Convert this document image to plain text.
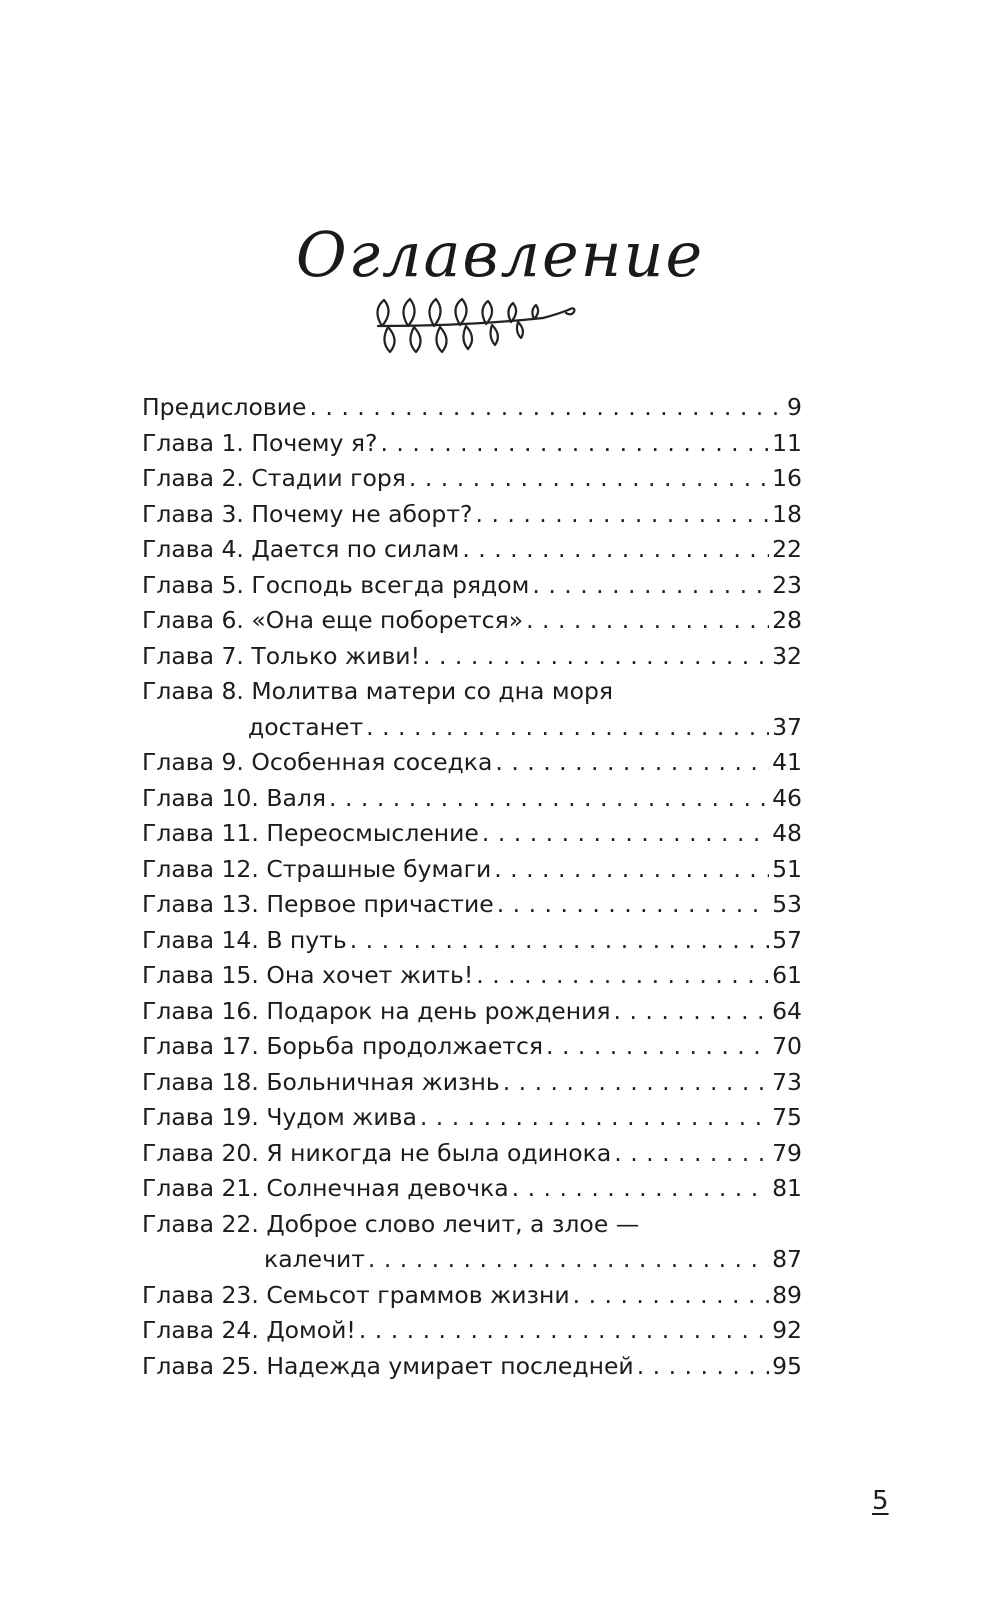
Оглавление
Предисловие . . .	9
Глава 1. Почему я? . . .	11
Глава 2. Стадии горя . . .	16
Глава 3. Почему не аборт? . . .	18
Глава 4. Дается по силам . . .	22
Глава 5. Господь всегда рядом . . .	23
Глава 6. «Она еще поборется» . . .	28
Глава 7. Только живи! . . .	32
Глава 8. Молитва матери со дна моря
достанет . . .	37
Глава 9. Особенная соседка . . .	41
Глава 10. Валя . . .	46
Глава 11. Переосмысление . . .	48
Глава 12. Страшные бумаги . . .	51
Глава 13. Первое причастие . . .	53
Глава 14. В путь . . .	57
Глава 15. Она хочет жить! . . .	61
Глава 16. Подарок на день рождения . . .	64
Глава 17. Борьба продолжается . . .	70
Глава 18. Больничная жизнь . . .	73
Глава 19. Чудом жива . . .	75
Глава 20. Я никогда не была одинока . . .	79
Глава 21. Солнечная девочка . . .	81
Глава 22. Доброе слово лечит, а злое —
калечит . . .	87
Глава 23. Семьсот граммов жизни . . .	89
Глава 24. Домой! . . .	92
Глава 25. Надежда умирает последней . . .	95
5
